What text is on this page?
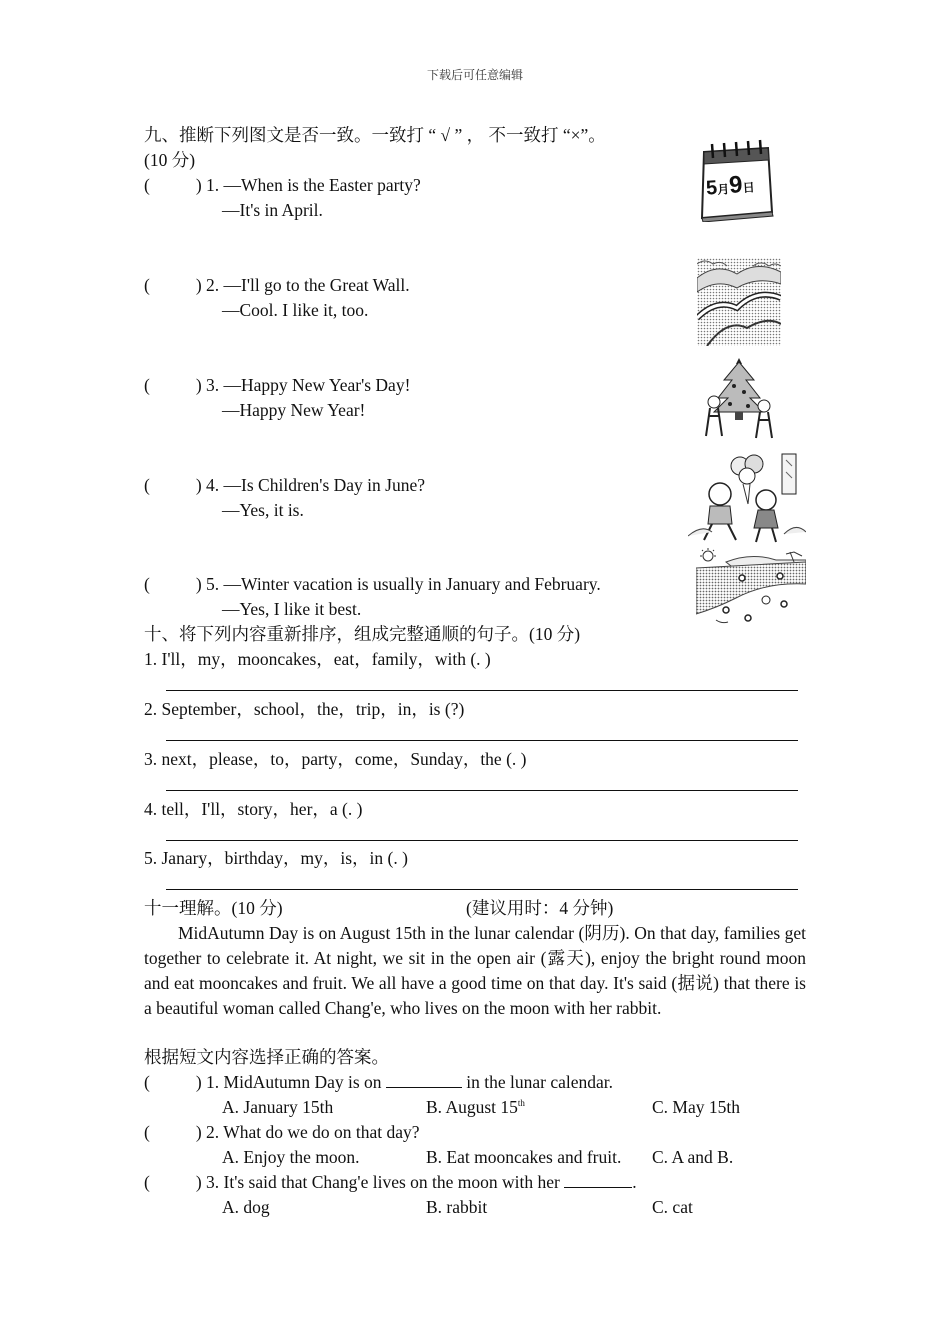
下载后可任意编辑
九、推断下列图文是否一致。一致打 “ √ ” ， 不一致打 “×”。
(10 分)
(	) 1. —When is the Easter party?
—It's in April.
(	) 2. —I'll go to the Great Wall.
—Cool. I like it, too.
(	) 3. —Happy New Year's Day!
—Happy New Year!
(	) 4. —Is Children's Day in June?
—Yes, it is.
(	) 5. —Winter vacation is usually in January and February.
—Yes, I like it best.
5月9日
十、将下列内容重新排序，组成完整通顺的句子。(10 分)
1. I'll，my，mooncakes，eat，family，with (. )
2. September，school，the，trip，in，is (?)
3. next，please，to，party，come，Sunday，the (. )
4. tell，I'll，story，her，a (. )
5. Janary，birthday，my，is，in (. )
十一理解。(10 分)	(建议用时：4 分钟)
MidAutumn Day is on August 15th in the lunar calendar (阴历). On that day, families get together to celebrate it. At night, we sit in the open air (露天), enjoy the bright round moon and eat mooncakes and fruit. We all have a good time on that day. It's said (据说) that there is a beautiful woman called Chang'e, who lives on the moon with her rabbit.
根据短文内容选择正确的答案。
(	) 1. MidAutumn Day is on	in the lunar calendar.
A. January 15th	B. August 15th	C. May 15th
(	) 2. What do we do on that day?
A. Enjoy the moon.	B. Eat mooncakes and fruit. C. A and B.
(	) 3. It's said that Chang'e lives on the moon with her	.
A. dog	B. rabbit	C. cat
